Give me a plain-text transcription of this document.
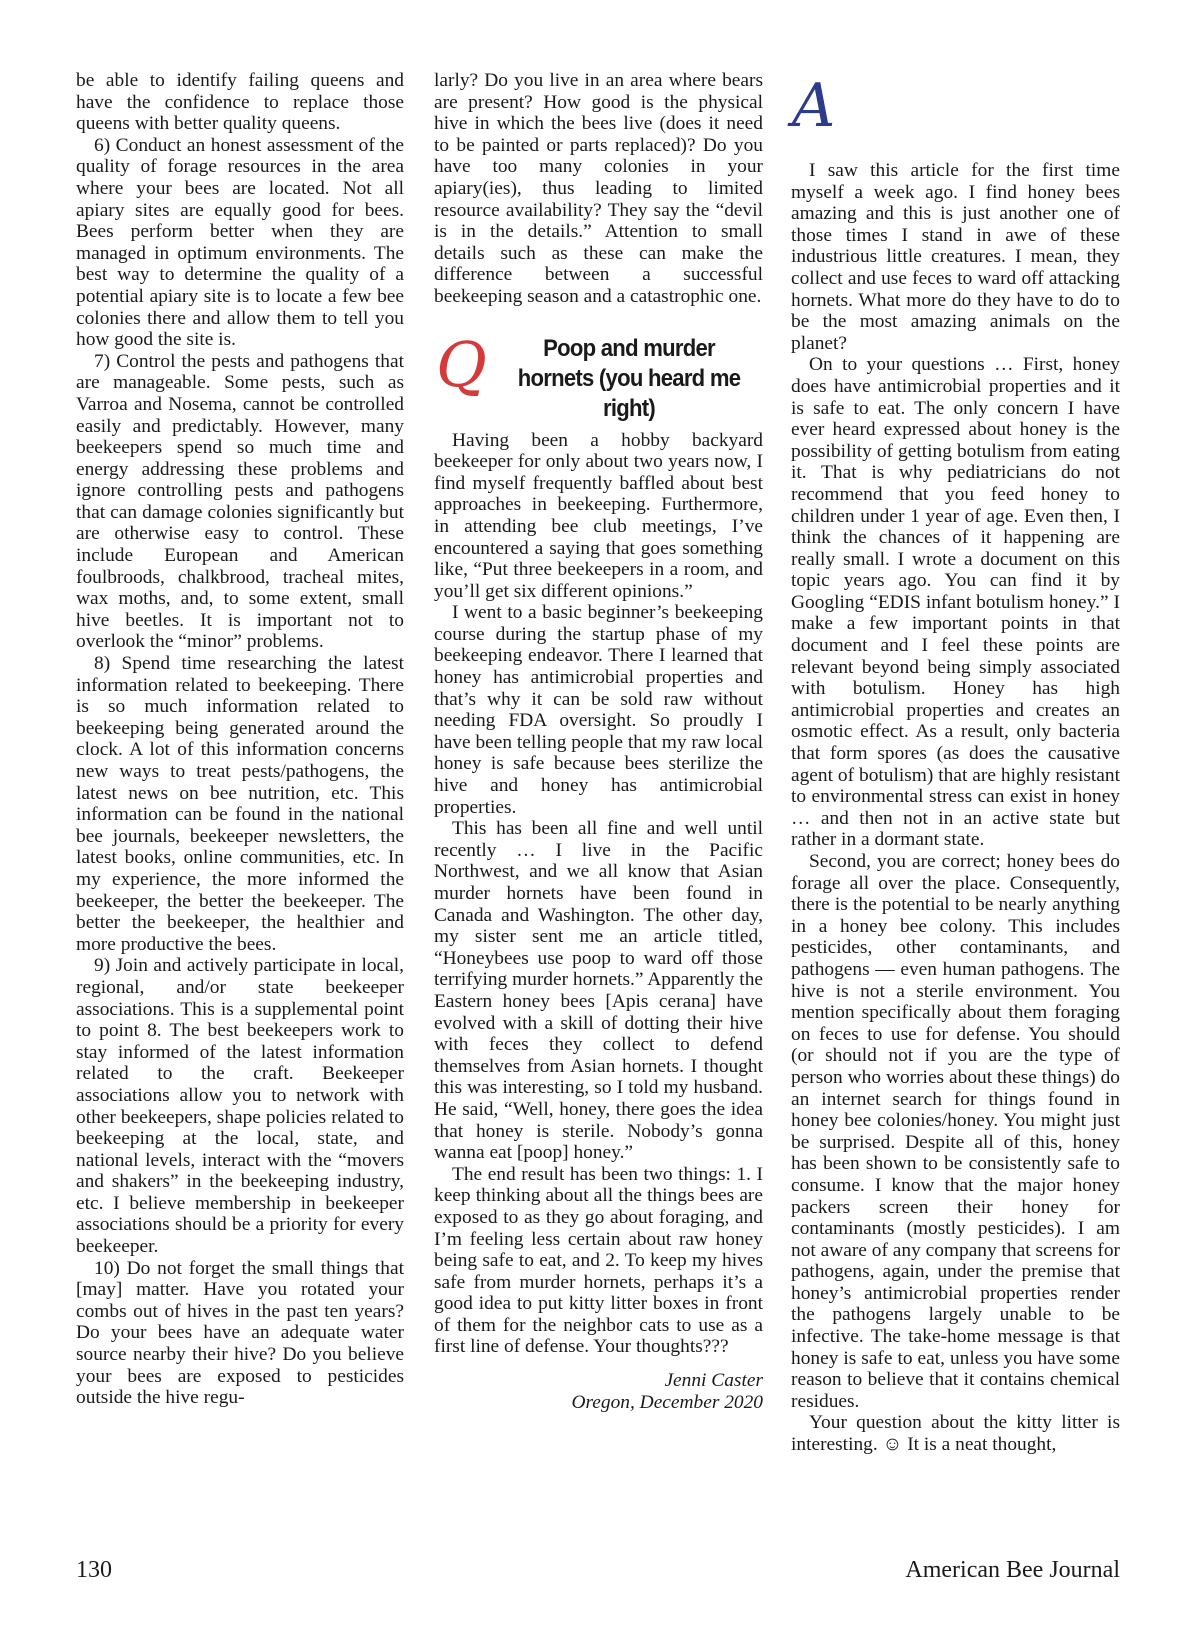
be able to identify failing queens and have the confidence to replace those queens with better quality queens.

6) Conduct an honest assessment of the quality of forage resources in the area where your bees are located. Not all apiary sites are equally good for bees. Bees perform better when they are managed in optimum environments. The best way to determine the quality of a potential apiary site is to locate a few bee colonies there and allow them to tell you how good the site is.

7) Control the pests and pathogens that are manageable. Some pests, such as Varroa and Nosema, cannot be controlled easily and predictably. However, many beekeepers spend so much time and energy addressing these problems and ignore controlling pests and pathogens that can damage colonies significantly but are otherwise easy to control. These include European and American foulbroods, chalkbrood, tracheal mites, wax moths, and, to some extent, small hive beetles. It is important not to overlook the “minor” problems.

8) Spend time researching the latest information related to beekeeping. There is so much information related to beekeeping being generated around the clock. A lot of this information concerns new ways to treat pests/pathogens, the latest news on bee nutrition, etc. This information can be found in the national bee journals, beekeeper newsletters, the latest books, online communities, etc. In my experience, the more informed the beekeeper, the better the beekeeper. The better the beekeeper, the healthier and more productive the bees.

9) Join and actively participate in local, regional, and/or state beekeeper associations. This is a supplemental point to point 8. The best beekeepers work to stay informed of the latest information related to the craft. Beekeeper associations allow you to network with other beekeepers, shape policies related to beekeeping at the local, state, and national levels, interact with the “movers and shakers” in the beekeeping industry, etc. I believe membership in beekeeper associations should be a priority for every beekeeper.

10) Do not forget the small things that [may] matter. Have you rotated your combs out of hives in the past ten years? Do your bees have an adequate water source nearby their hive? Do you believe your bees are exposed to pesticides outside the hive regu-

larly? Do you live in an area where bears are present? How good is the physical hive in which the bees live (does it need to be painted or parts replaced)? Do you have too many colonies in your apiary(ies), thus leading to limited resource availability? They say the “devil is in the details.” Attention to small details such as these can make the difference between a successful beekeeping season and a catastrophic one.

Q	Poop and murder hornets (you heard me right)

Having been a hobby backyard beekeeper for only about two years now, I find myself frequently baffled about best approaches in beekeeping. Furthermore, in attending bee club meetings, I’ve encountered a saying that goes something like, “Put three beekeepers in a room, and you’ll get six different opinions.”

I went to a basic beginner’s beekeeping course during the startup phase of my beekeeping endeavor. There I learned that honey has antimicrobial properties and that’s why it can be sold raw without needing FDA oversight. So proudly I have been telling people that my raw local honey is safe because bees sterilize the hive and honey has antimicrobial properties.

This has been all fine and well until recently … I live in the Pacific Northwest, and we all know that Asian murder hornets have been found in Canada and Washington. The other day, my sister sent me an article titled, “Honeybees use poop to ward off those terrifying murder hornets.” Apparently the Eastern honey bees [Apis cerana] have evolved with a skill of dotting their hive with feces they collect to defend themselves from Asian hornets. I thought this was interesting, so I told my husband. He said, “Well, honey, there goes the idea that honey is sterile. Nobody’s gonna wanna eat [poop] honey.”

The end result has been two things: 1. I keep thinking about all the things bees are exposed to as they go about foraging, and I’m feeling less certain about raw honey being safe to eat, and 2. To keep my hives safe from murder hornets, perhaps it’s a good idea to put kitty litter boxes in front of them for the neighbor cats to use as a first line of defense. Your thoughts???

Jenni Caster
Oregon, December 2020
A

I saw this article for the first time myself a week ago. I find honey bees amazing and this is just another one of those times I stand in awe of these industrious little creatures. I mean, they collect and use feces to ward off attacking hornets. What more do they have to do to be the most amazing animals on the planet?

On to your questions … First, honey does have antimicrobial properties and it is safe to eat. The only concern I have ever heard expressed about honey is the possibility of getting botulism from eating it. That is why pediatricians do not recommend that you feed honey to children under 1 year of age. Even then, I think the chances of it happening are really small. I wrote a document on this topic years ago. You can find it by Googling “EDIS infant botulism honey.” I make a few important points in that document and I feel these points are relevant beyond being simply associated with botulism. Honey has high antimicrobial properties and creates an osmotic effect. As a result, only bacteria that form spores (as does the causative agent of botulism) that are highly resistant to environmental stress can exist in honey … and then not in an active state but rather in a dormant state.

Second, you are correct; honey bees do forage all over the place. Consequently, there is the potential to be nearly anything in a honey bee colony. This includes pesticides, other contaminants, and pathogens — even human pathogens. The hive is not a sterile environment. You mention specifically about them foraging on feces to use for defense. You should (or should not if you are the type of person who worries about these things) do an internet search for things found in honey bee colonies/honey. You might just be surprised. Despite all of this, honey has been shown to be consistently safe to consume. I know that the major honey packers screen their honey for contaminants (mostly pesticides). I am not aware of any company that screens for pathogens, again, under the premise that honey’s antimicrobial properties render the pathogens largely unable to be infective. The take-home message is that honey is safe to eat, unless you have some reason to believe that it contains chemical residues.

Your question about the kitty litter is interesting. ☺ It is a neat thought,

130	American Bee Journal
